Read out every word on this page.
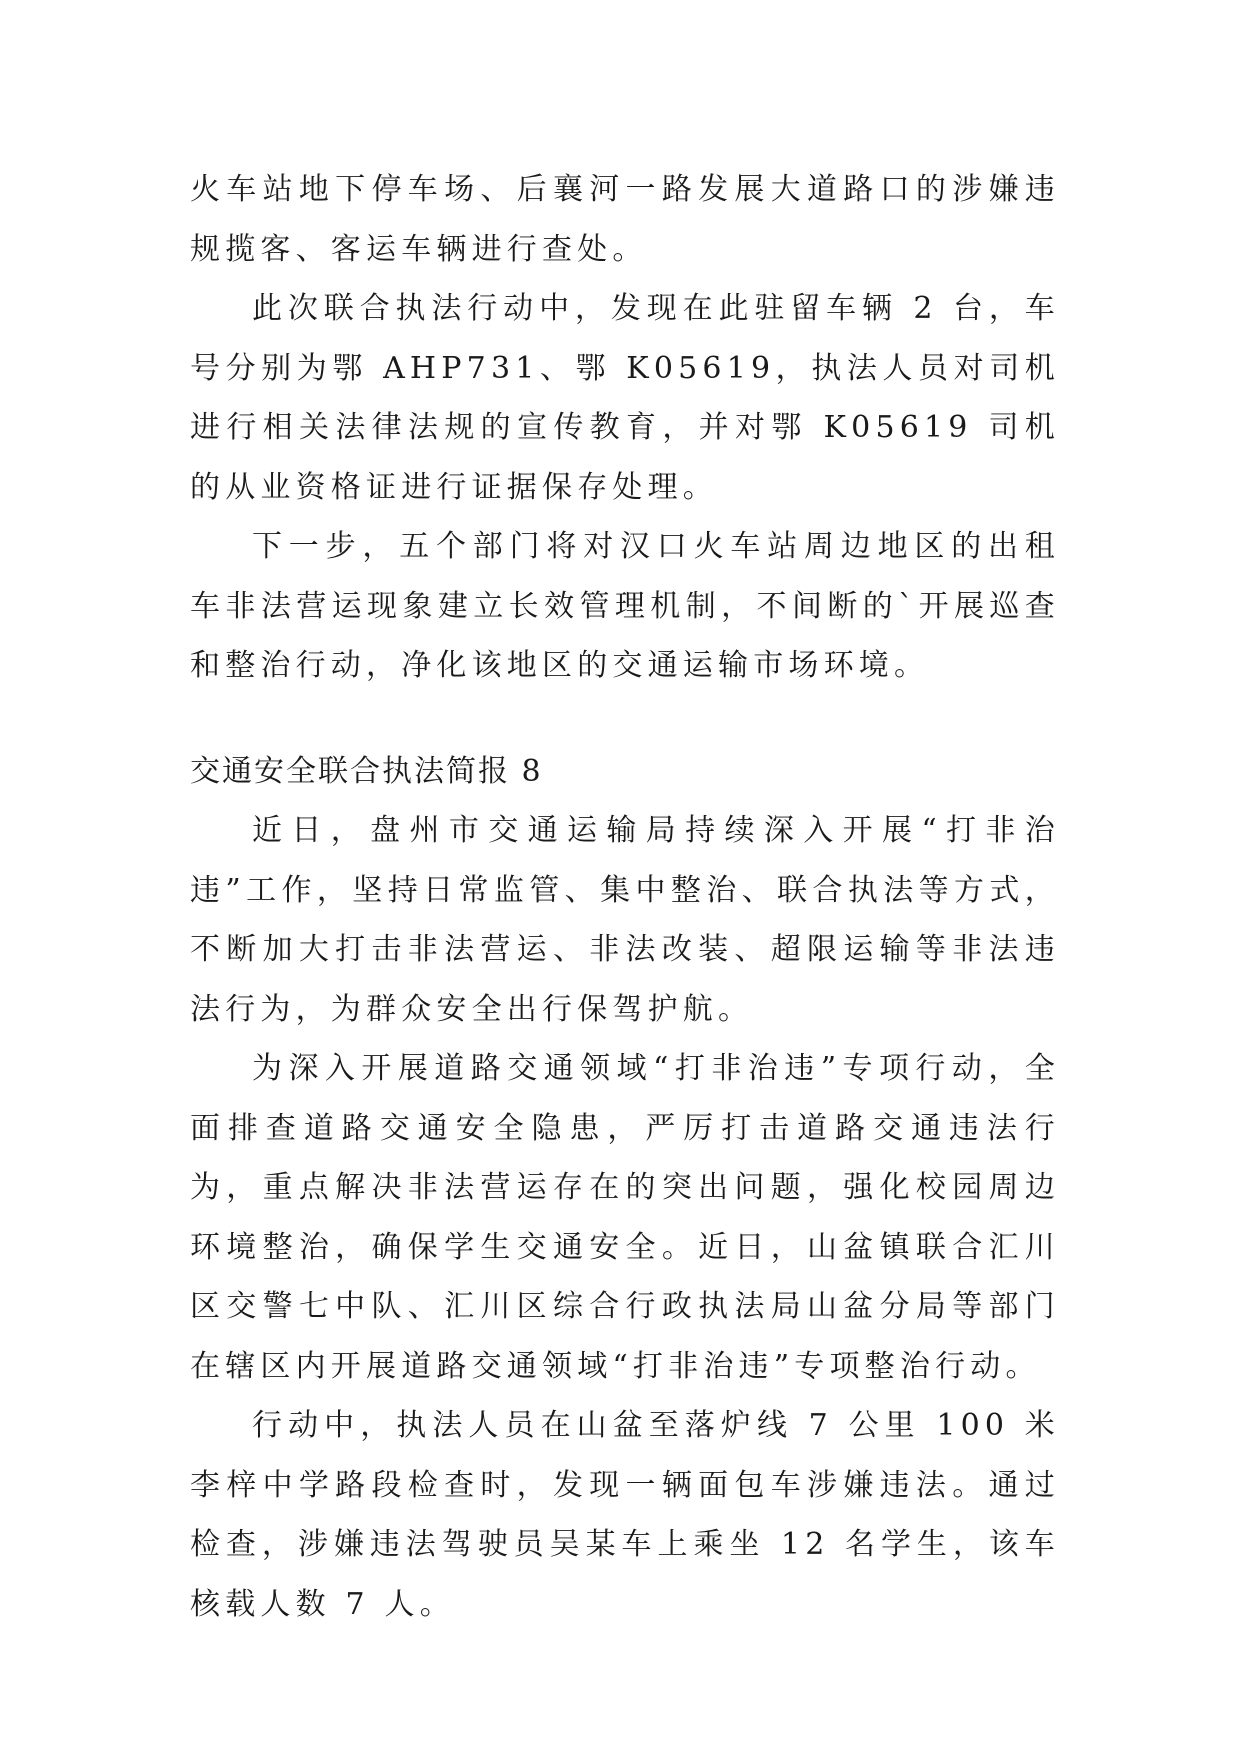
火车站地下停车场、后襄河一路发展大道路口的涉嫌违规揽客、客运车辆进行查处。

此次联合执法行动中，发现在此驻留车辆 2 台，车号分别为鄂 AHP731、鄂 K05619，执法人员对司机进行相关法律法规的宣传教育，并对鄂 K05619 司机的从业资格证进行证据保存处理。

下一步，五个部门将对汉口火车站周边地区的出租车非法营运现象建立长效管理机制，不间断的`开展巡查和整治行动，净化该地区的交通运输市场环境。

交通安全联合执法简报 8

近日，盘州市交通运输局持续深入开展“打非治违”工作，坚持日常监管、集中整治、联合执法等方式，不断加大打击非法营运、非法改装、超限运输等非法违法行为，为群众安全出行保驾护航。

为深入开展道路交通领域“打非治违”专项行动，全面排查道路交通安全隐患，严厉打击道路交通违法行为，重点解决非法营运存在的突出问题，强化校园周边环境整治，确保学生交通安全。近日，山盆镇联合汇川区交警七中队、汇川区综合行政执法局山盆分局等部门在辖区内开展道路交通领域“打非治违”专项整治行动。

行动中，执法人员在山盆至落炉线 7 公里 100 米李梓中学路段检查时，发现一辆面包车涉嫌违法。通过检查，涉嫌违法驾驶员吴某车上乘坐 12 名学生，该车核载人数 7 人。
